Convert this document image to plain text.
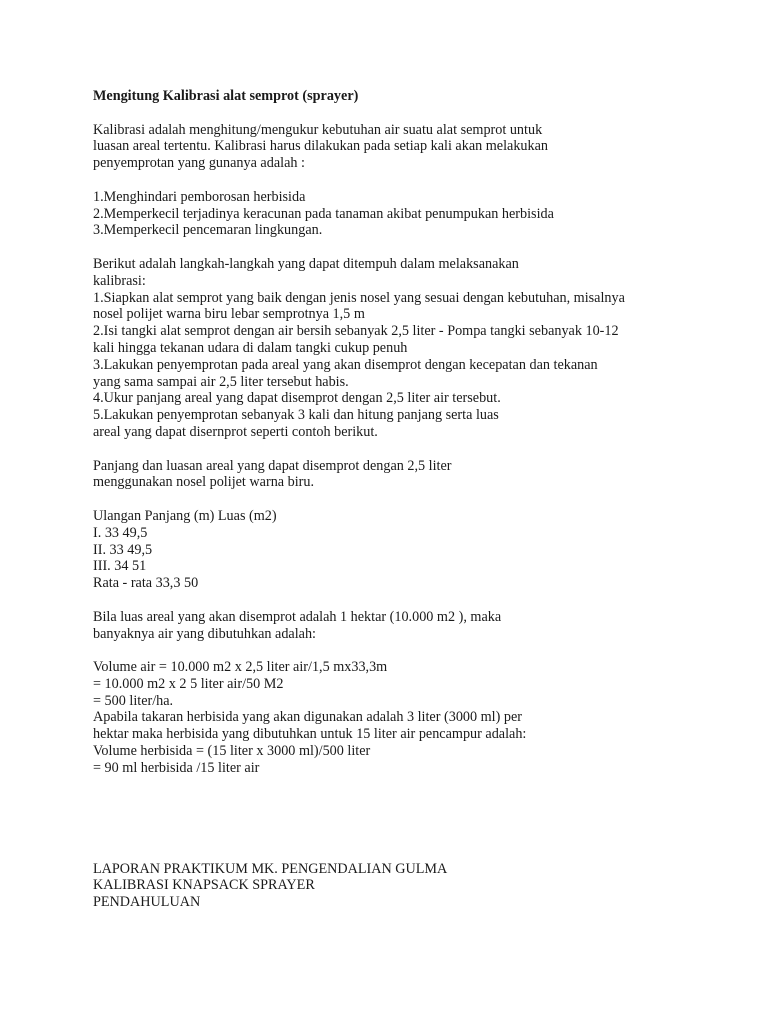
Mengitung Kalibrasi alat semprot (sprayer)
Kalibrasi adalah menghitung/mengukur kebutuhan air suatu alat semprot untuk
luasan areal tertentu. Kalibrasi harus dilakukan pada setiap kali akan melakukan
penyemprotan yang gunanya adalah :
1.Menghindari pemborosan herbisida
2.Memperkecil terjadinya keracunan pada tanaman akibat penumpukan herbisida
3.Memperkecil pencemaran lingkungan.
Berikut adalah langkah-langkah yang dapat ditempuh dalam melaksanakan
kalibrasi:
1.Siapkan alat semprot yang baik dengan jenis nosel yang sesuai dengan kebutuhan, misalnya
nosel polijet warna biru lebar semprotnya 1,5 m
2.Isi tangki alat semprot dengan air bersih sebanyak 2,5 liter - Pompa tangki sebanyak 10-12
kali hingga tekanan udara di dalam tangki cukup penuh
3.Lakukan penyemprotan pada areal yang akan disemprot dengan kecepatan dan tekanan
yang sama sampai air 2,5 liter tersebut habis.
4.Ukur panjang areal yang dapat disemprot dengan 2,5 liter air tersebut.
5.Lakukan penyemprotan sebanyak 3 kali dan hitung panjang serta luas
areal yang dapat disernprot seperti contoh berikut.
Panjang dan luasan areal yang dapat disemprot dengan 2,5 liter
menggunakan nosel polijet warna biru.
Ulangan Panjang (m) Luas (m2)
I. 33 49,5
II. 33 49,5
III. 34 51
Rata - rata 33,3 50
Bila luas areal yang akan disemprot adalah 1 hektar (10.000 m2 ), maka
banyaknya air yang dibutuhkan adalah:
Volume air = 10.000 m2 x 2,5 liter air/1,5 mx33,3m
= 10.000 m2 x 2 5 liter air/50 M2
= 500 liter/ha.
Apabila takaran herbisida yang akan digunakan adalah 3 liter (3000 ml) per
hektar maka herbisida yang dibutuhkan untuk 15 liter air pencampur adalah:
Volume herbisida = (15 liter x 3000 ml)/500 liter
= 90 ml herbisida /15 liter air
LAPORAN PRAKTIKUM MK. PENGENDALIAN GULMA
KALIBRASI KNAPSACK SPRAYER
PENDAHULUAN
